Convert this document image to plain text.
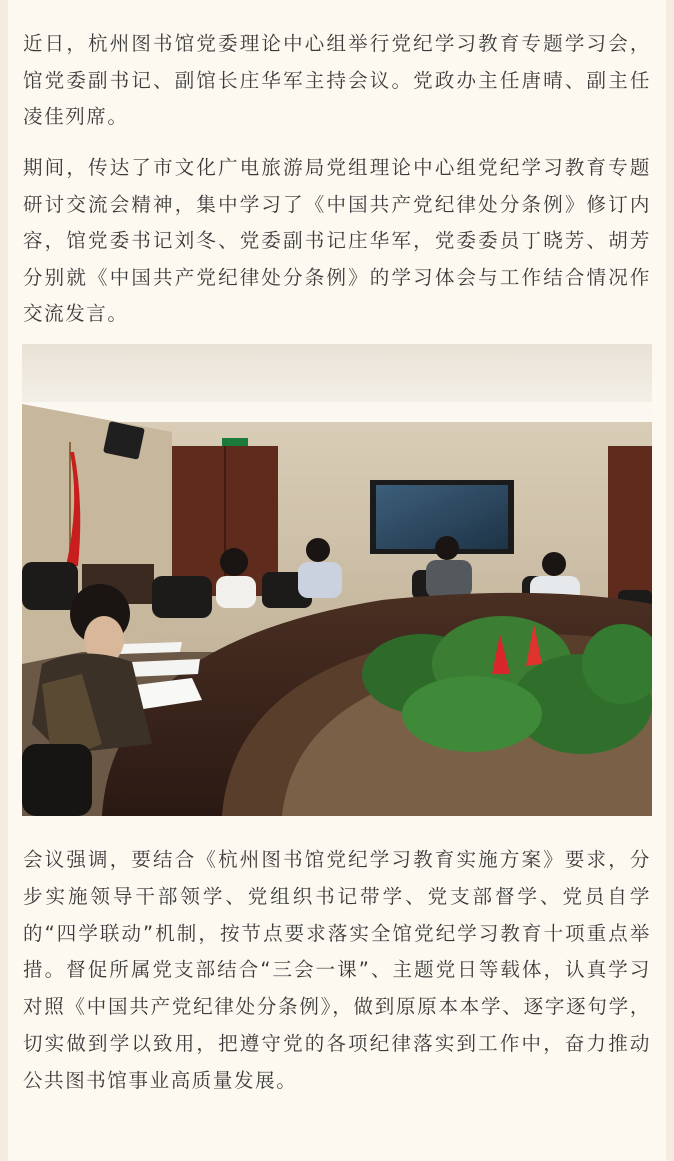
近日，杭州图书馆党委理论中心组举行党纪学习教育专题学习会，馆党委副书记、副馆长庄华军主持会议。党政办主任唐晴、副主任凌佳列席。

期间，传达了市文化广电旅游局党组理论中心组党纪学习教育专题研讨交流会精神，集中学习了《中国共产党纪律处分条例》修订内容，馆党委书记刘冬、党委副书记庄华军，党委委员丁晓芳、胡芳分别就《中国共产党纪律处分条例》的学习体会与工作结合情况作交流发言。

会议强调，要结合《杭州图书馆党纪学习教育实施方案》要求，分步实施领导干部领学、党组织书记带学、党支部督学、党员自学的“四学联动”机制，按节点要求落实全馆党纪学习教育十项重点举措。督促所属党支部结合“三会一课”、主题党日等载体，认真学习对照《中国共产党纪律处分条例》，做到原原本本学、逐字逐句学，切实做到学以致用，把遵守党的各项纪律落实到工作中，奋力推动公共图书馆事业高质量发展。
